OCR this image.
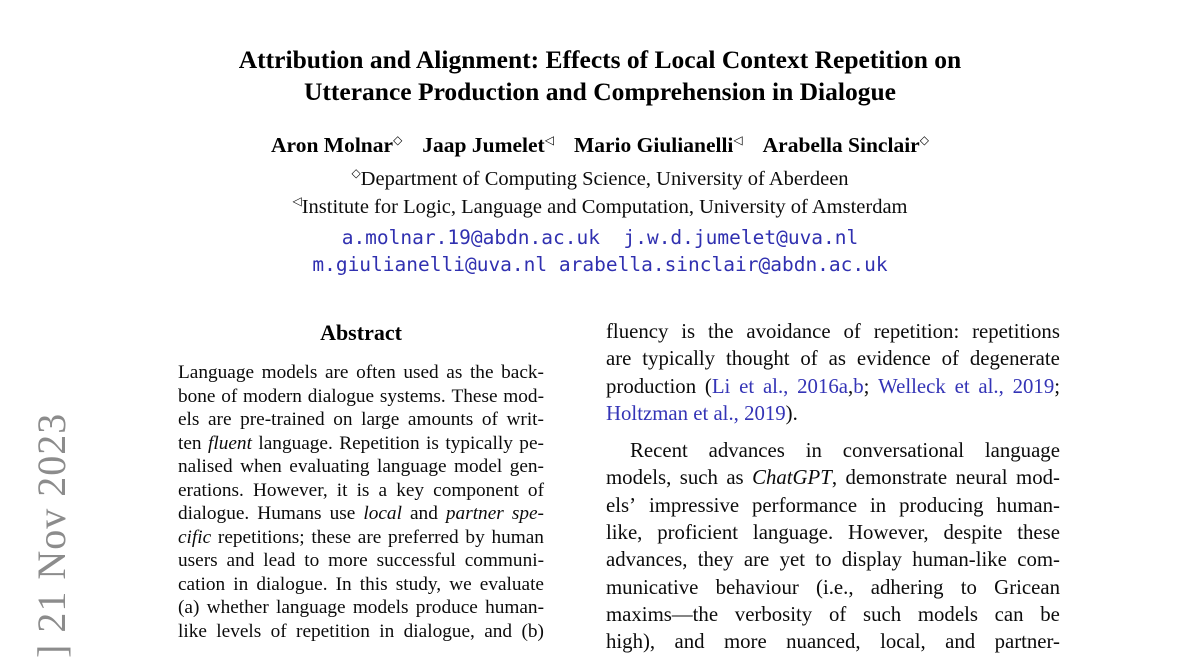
] 21 Nov 2023
Attribution and Alignment: Effects of Local Context Repetition on
Utterance Production and Comprehension in Dialogue
Aron Molnar◇ Jaap Jumelet◁ Mario Giulianelli◁ Arabella Sinclair◇
◇Department of Computing Science, University of Aberdeen
◁Institute for Logic, Language and Computation, University of Amsterdam
a.molnar.19@abdn.ac.uk j.w.d.jumelet@uva.nl
m.giulianelli@uva.nl arabella.sinclair@abdn.ac.uk
Abstract
Language models are often used as the back-
bone of modern dialogue systems. These mod-
els are pre-trained on large amounts of writ-
ten fluent language. Repetition is typically pe-
nalised when evaluating language model gen-
erations. However, it is a key component of
dialogue. Humans use local and partner spe-
cific repetitions; these are preferred by human
users and lead to more successful communi-
cation in dialogue. In this study, we evaluate
(a) whether language models produce human-
like levels of repetition in dialogue, and (b)
fluency is the avoidance of repetition: repetitions
are typically thought of as evidence of degenerate
production (Li et al., 2016a,b; Welleck et al., 2019;
Holtzman et al., 2019).
Recent advances in conversational language
models, such as ChatGPT, demonstrate neural mod-
els’ impressive performance in producing human-
like, proficient language. However, despite these
advances, they are yet to display human-like com-
municative behaviour (i.e., adhering to Gricean
maxims—the verbosity of such models can be
high), and more nuanced, local, and partner-
